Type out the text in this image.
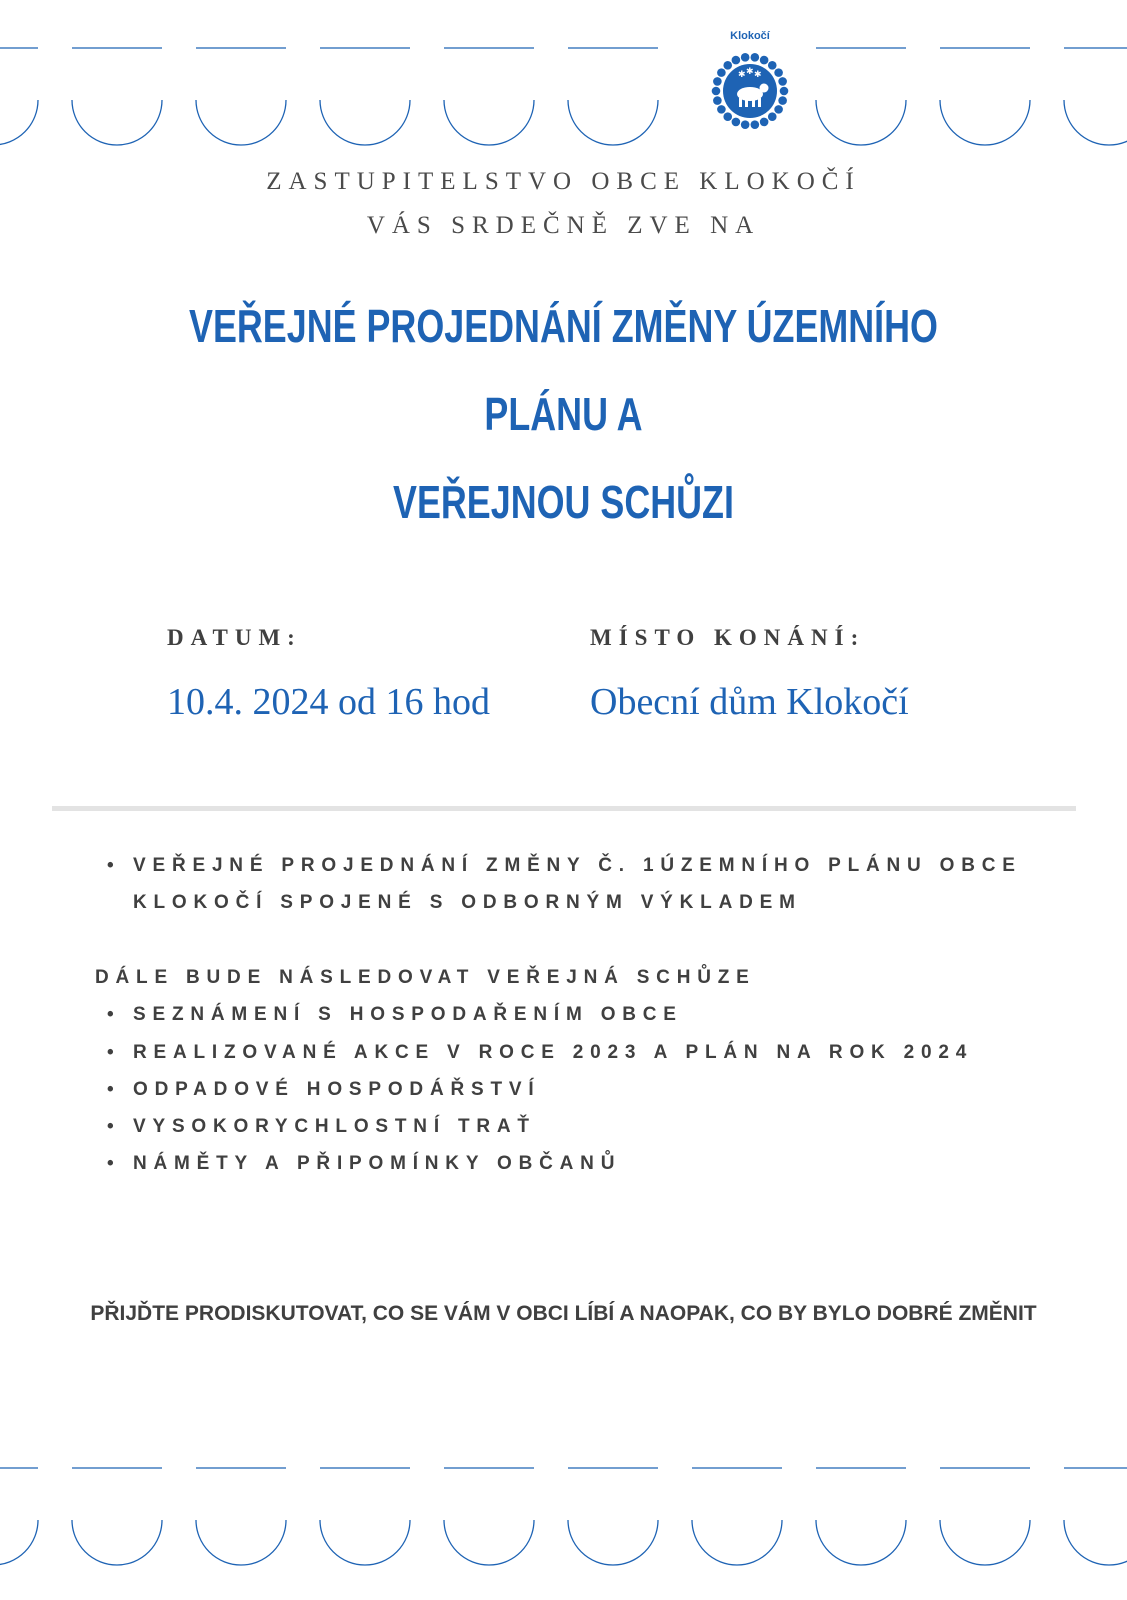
Klokočí
✱ ✱ ✱
ZASTUPITELSTVO OBCE KLOKOČÍ
VÁS SRDEČNĚ ZVE NA
VEŘEJNÉ PROJEDNÁNÍ ZMĚNY ÚZEMNÍHO PLÁNU A
VEŘEJNOU SCHŮZI
DATUM:
10.4. 2024 od 16 hod
MÍSTO KONÁNÍ:
Obecní dům Klokočí
• VEŘEJNÉ PROJEDNÁNÍ ZMĚNY Č. 1ÚZEMNÍHO PLÁNU OBCE
KLOKOČÍ SPOJENÉ S ODBORNÝM VÝKLADEM
DÁLE BUDE NÁSLEDOVAT VEŘEJNÁ SCHŮZE
• SEZNÁMENÍ S HOSPODAŘENÍM OBCE
• REALIZOVANÉ AKCE V ROCE 2023 A PLÁN NA ROK 2024
• ODPADOVÉ HOSPODÁŘSTVÍ
• VYSOKORYCHLOSTNÍ TRAŤ
• NÁMĚTY A PŘIPOMÍNKY OBČANŮ
PŘIJĎTE PRODISKUTOVAT, CO SE VÁM V OBCI LÍBÍ A NAOPAK, CO BY BYLO DOBRÉ ZMĚNIT
